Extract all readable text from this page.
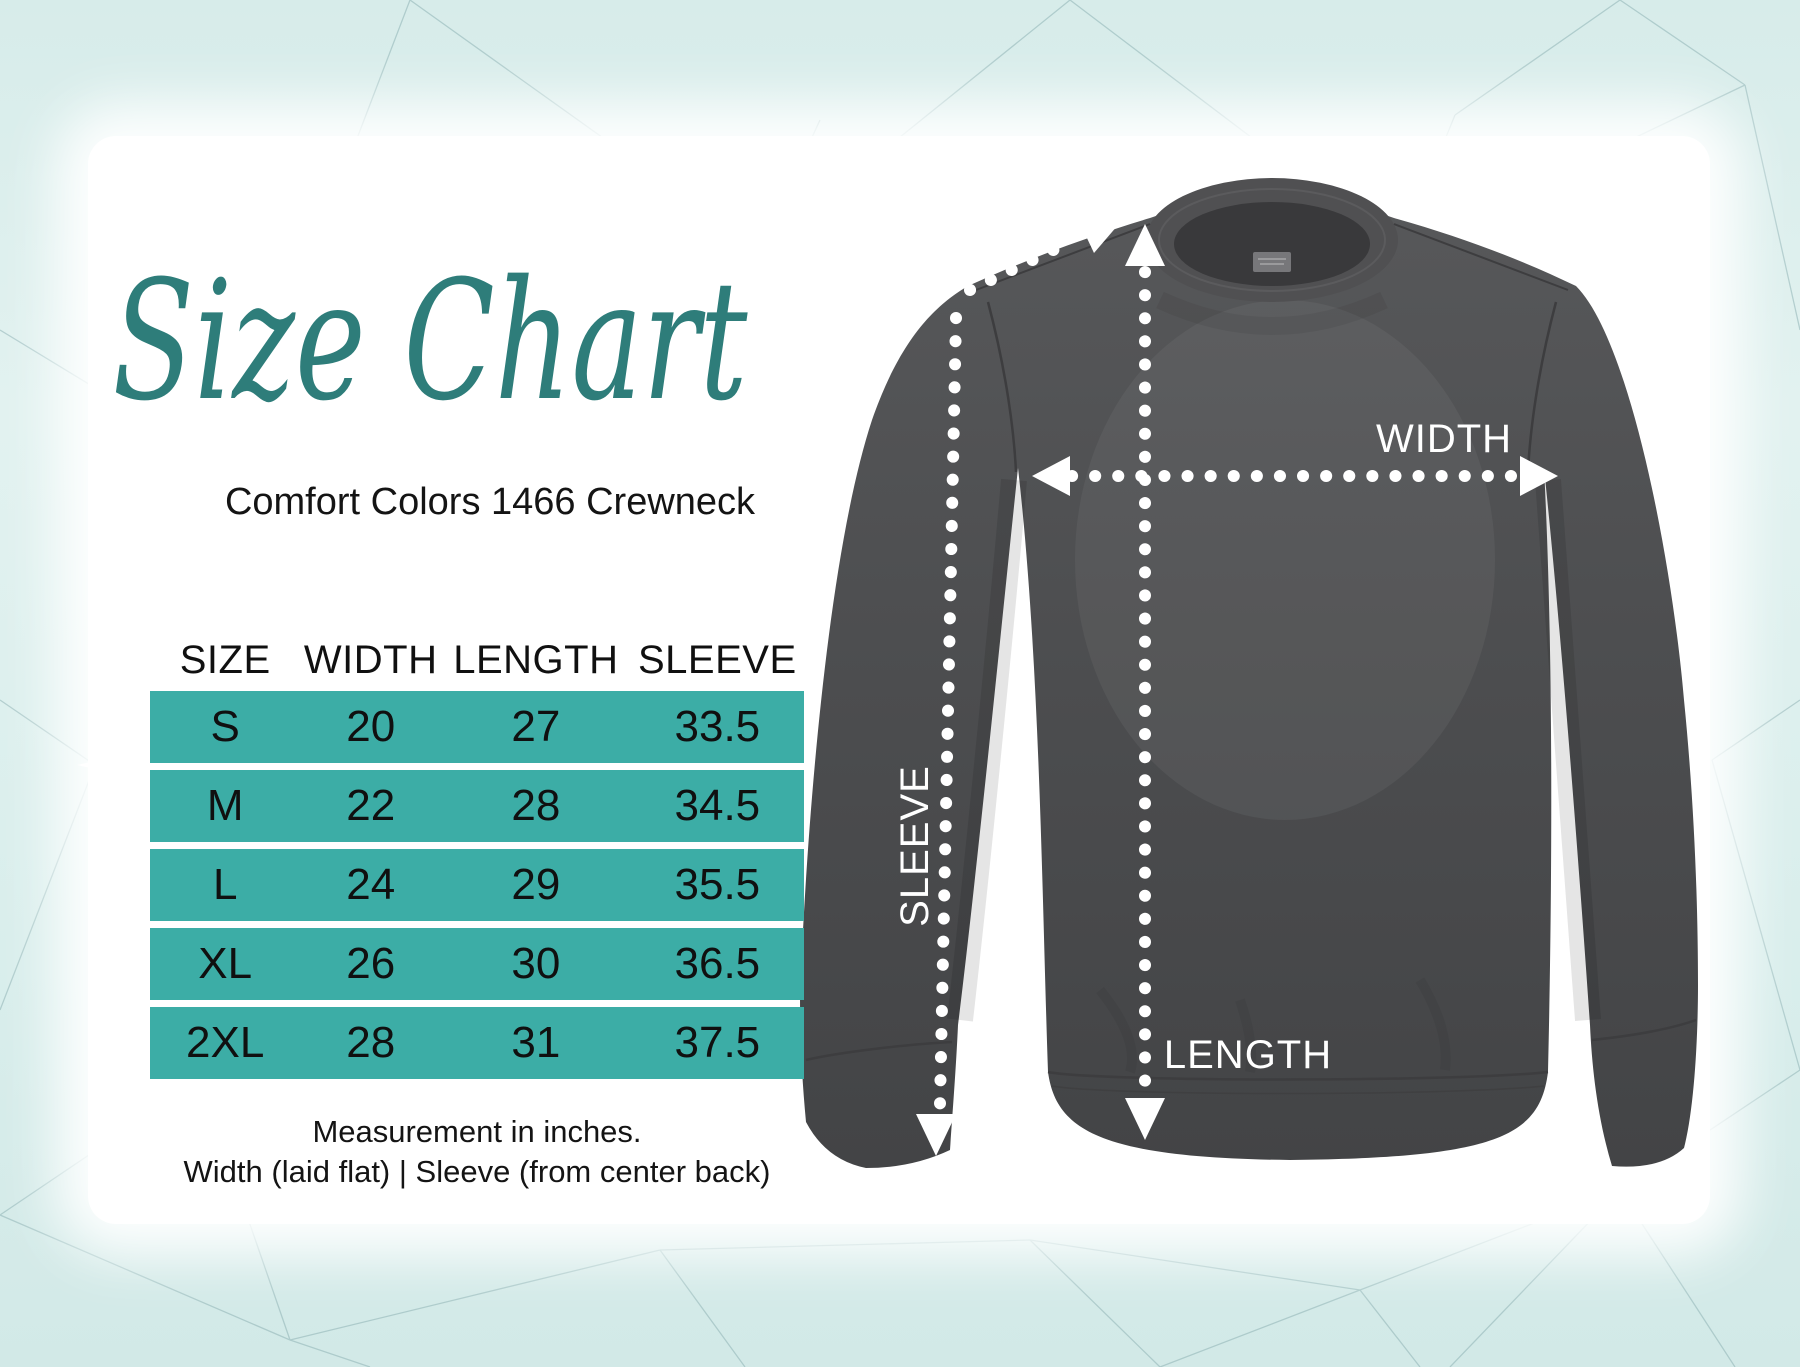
Size Chart
WIDTH
LENGTH
SLEEVE
Comfort Colors 1466 Crewneck
SIZE WIDTH LENGTH SLEEVE
S	20	27	33.5
M	22	28	34.5
L	24	29	35.5
XL	26	30	36.5
2XL	28	31	37.5
Measurement in inches.
Width (laid flat) | Sleeve (from center back)
